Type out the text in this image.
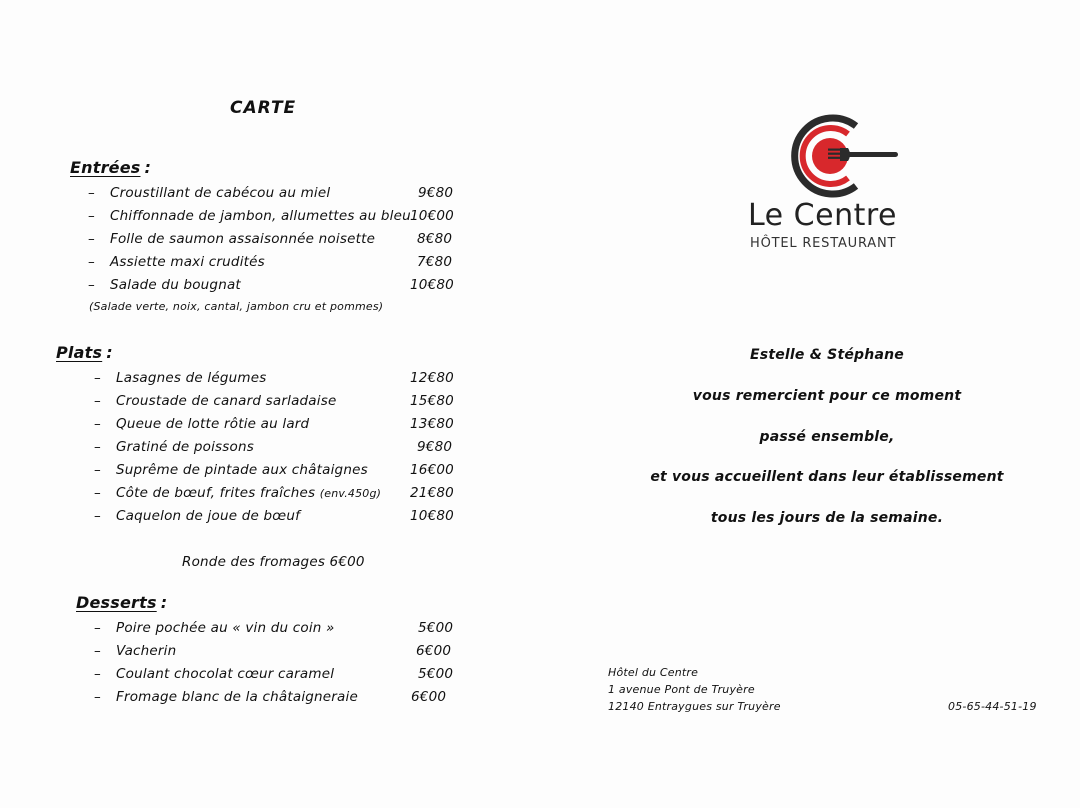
CARTE
Entrées :
– Croustillant de cabécou au miel	9€80
– Chiffonnade de jambon, allumettes au bleu 10€00
– Folle de saumon assaisonnée noisette	8€80
– Assiette maxi crudités	7€80
– Salade du bougnat	10€80
(Salade verte, noix, cantal, jambon cru et pommes)
Plats :
– Lasagnes de légumes	12€80
– Croustade de canard sarladaise	15€80
– Queue de lotte rôtie au lard	13€80
– Gratiné de poissons	9€80
– Suprême de pintade aux châtaignes	16€00
– Côte de bœuf, frites fraîches (env.450g) 21€80
– Caquelon de joue de bœuf	10€80
Ronde des fromages 6€00
Desserts :
– Poire pochée au « vin du coin »	5€00
– Vacherin	6€00
– Coulant chocolat cœur caramel	5€00
– Fromage blanc de la châtaigneraie	6€00
Le Centre
HÔTEL RESTAURANT
Estelle & Stéphane
vous remercient pour ce moment
passé ensemble,
et vous accueillent dans leur établissement
tous les jours de la semaine.
Hôtel du Centre
1 avenue Pont de Truyère
12140 Entraygues sur Truyère	05-65-44-51-19
